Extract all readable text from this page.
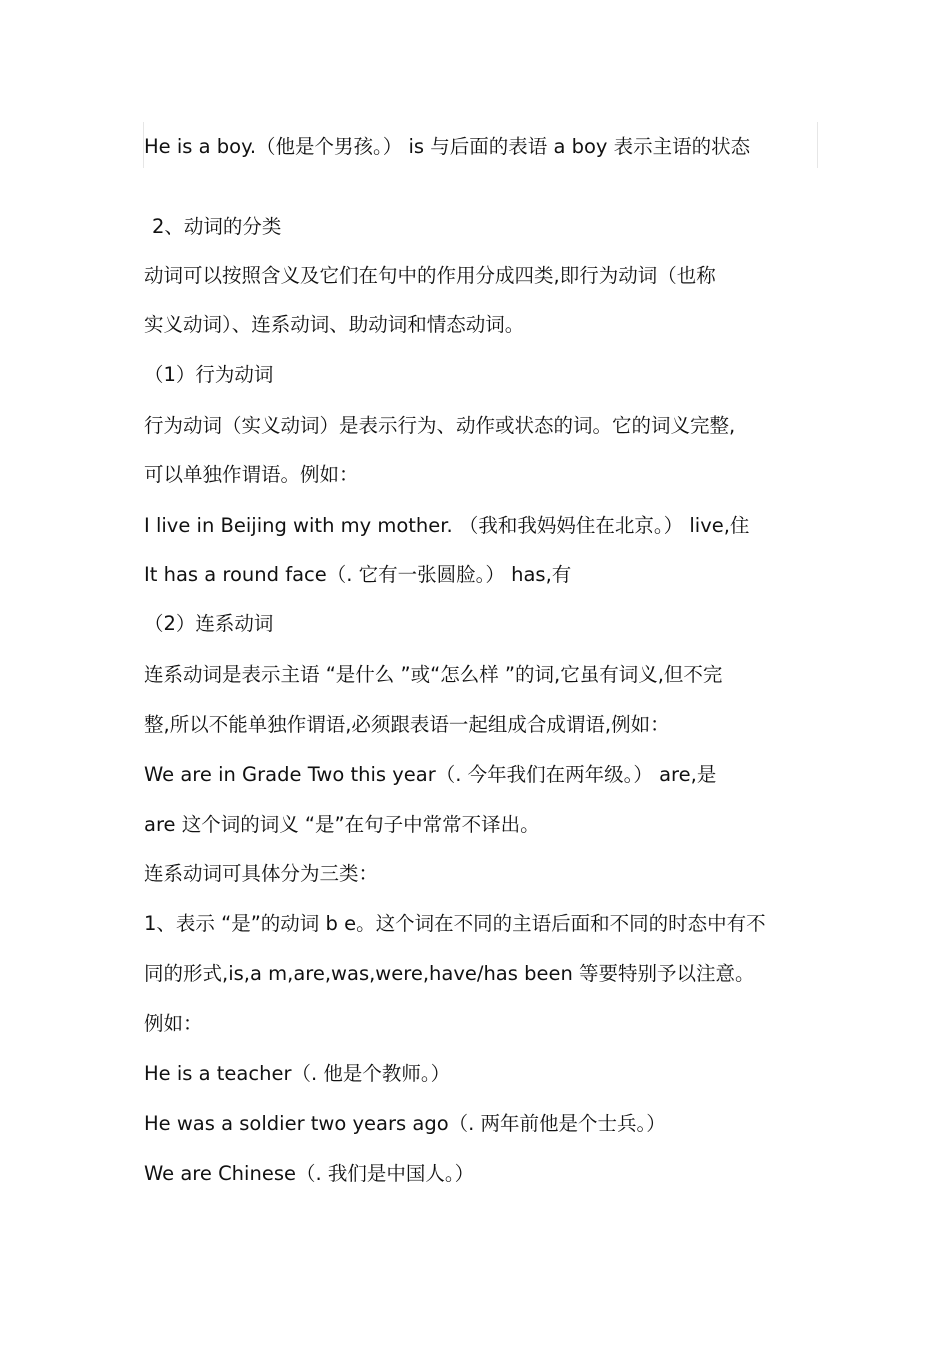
He is a boy.（他是个男孩。） is 与后面的表语 a boy 表示主语的状态
2、动词的分类
动词可以按照含义及它们在句中的作用分成四类,即行为动词（也称
实义动词）、连系动词、助动词和情态动词。
（1）行为动词
行为动词（实义动词）是表示行为、动作或状态的词。它的词义完整,
可以单独作谓语。例如：
I live in Beijing with my mother. （我和我妈妈住在北京。） live,住
It has a round face（. 它有一张圆脸。） has,有
（2）连系动词
连系动词是表示主语 “是什么 ”或“怎么样 ”的词,它虽有词义,但不完
整,所以不能单独作谓语,必须跟表语一起组成合成谓语,例如：
We are in Grade Two this year（. 今年我们在两年级。） are,是
are 这个词的词义 “是”在句子中常常不译出。
连系动词可具体分为三类：
1、表示 “是”的动词 b e。这个词在不同的主语后面和不同的时态中有不
同的形式,is,a m,are,was,were,have/has been 等要特别予以注意。
例如：
He is a teacher（. 他是个教师。）
He was a soldier two years ago（. 两年前他是个士兵。）
We are Chinese（. 我们是中国人。）
